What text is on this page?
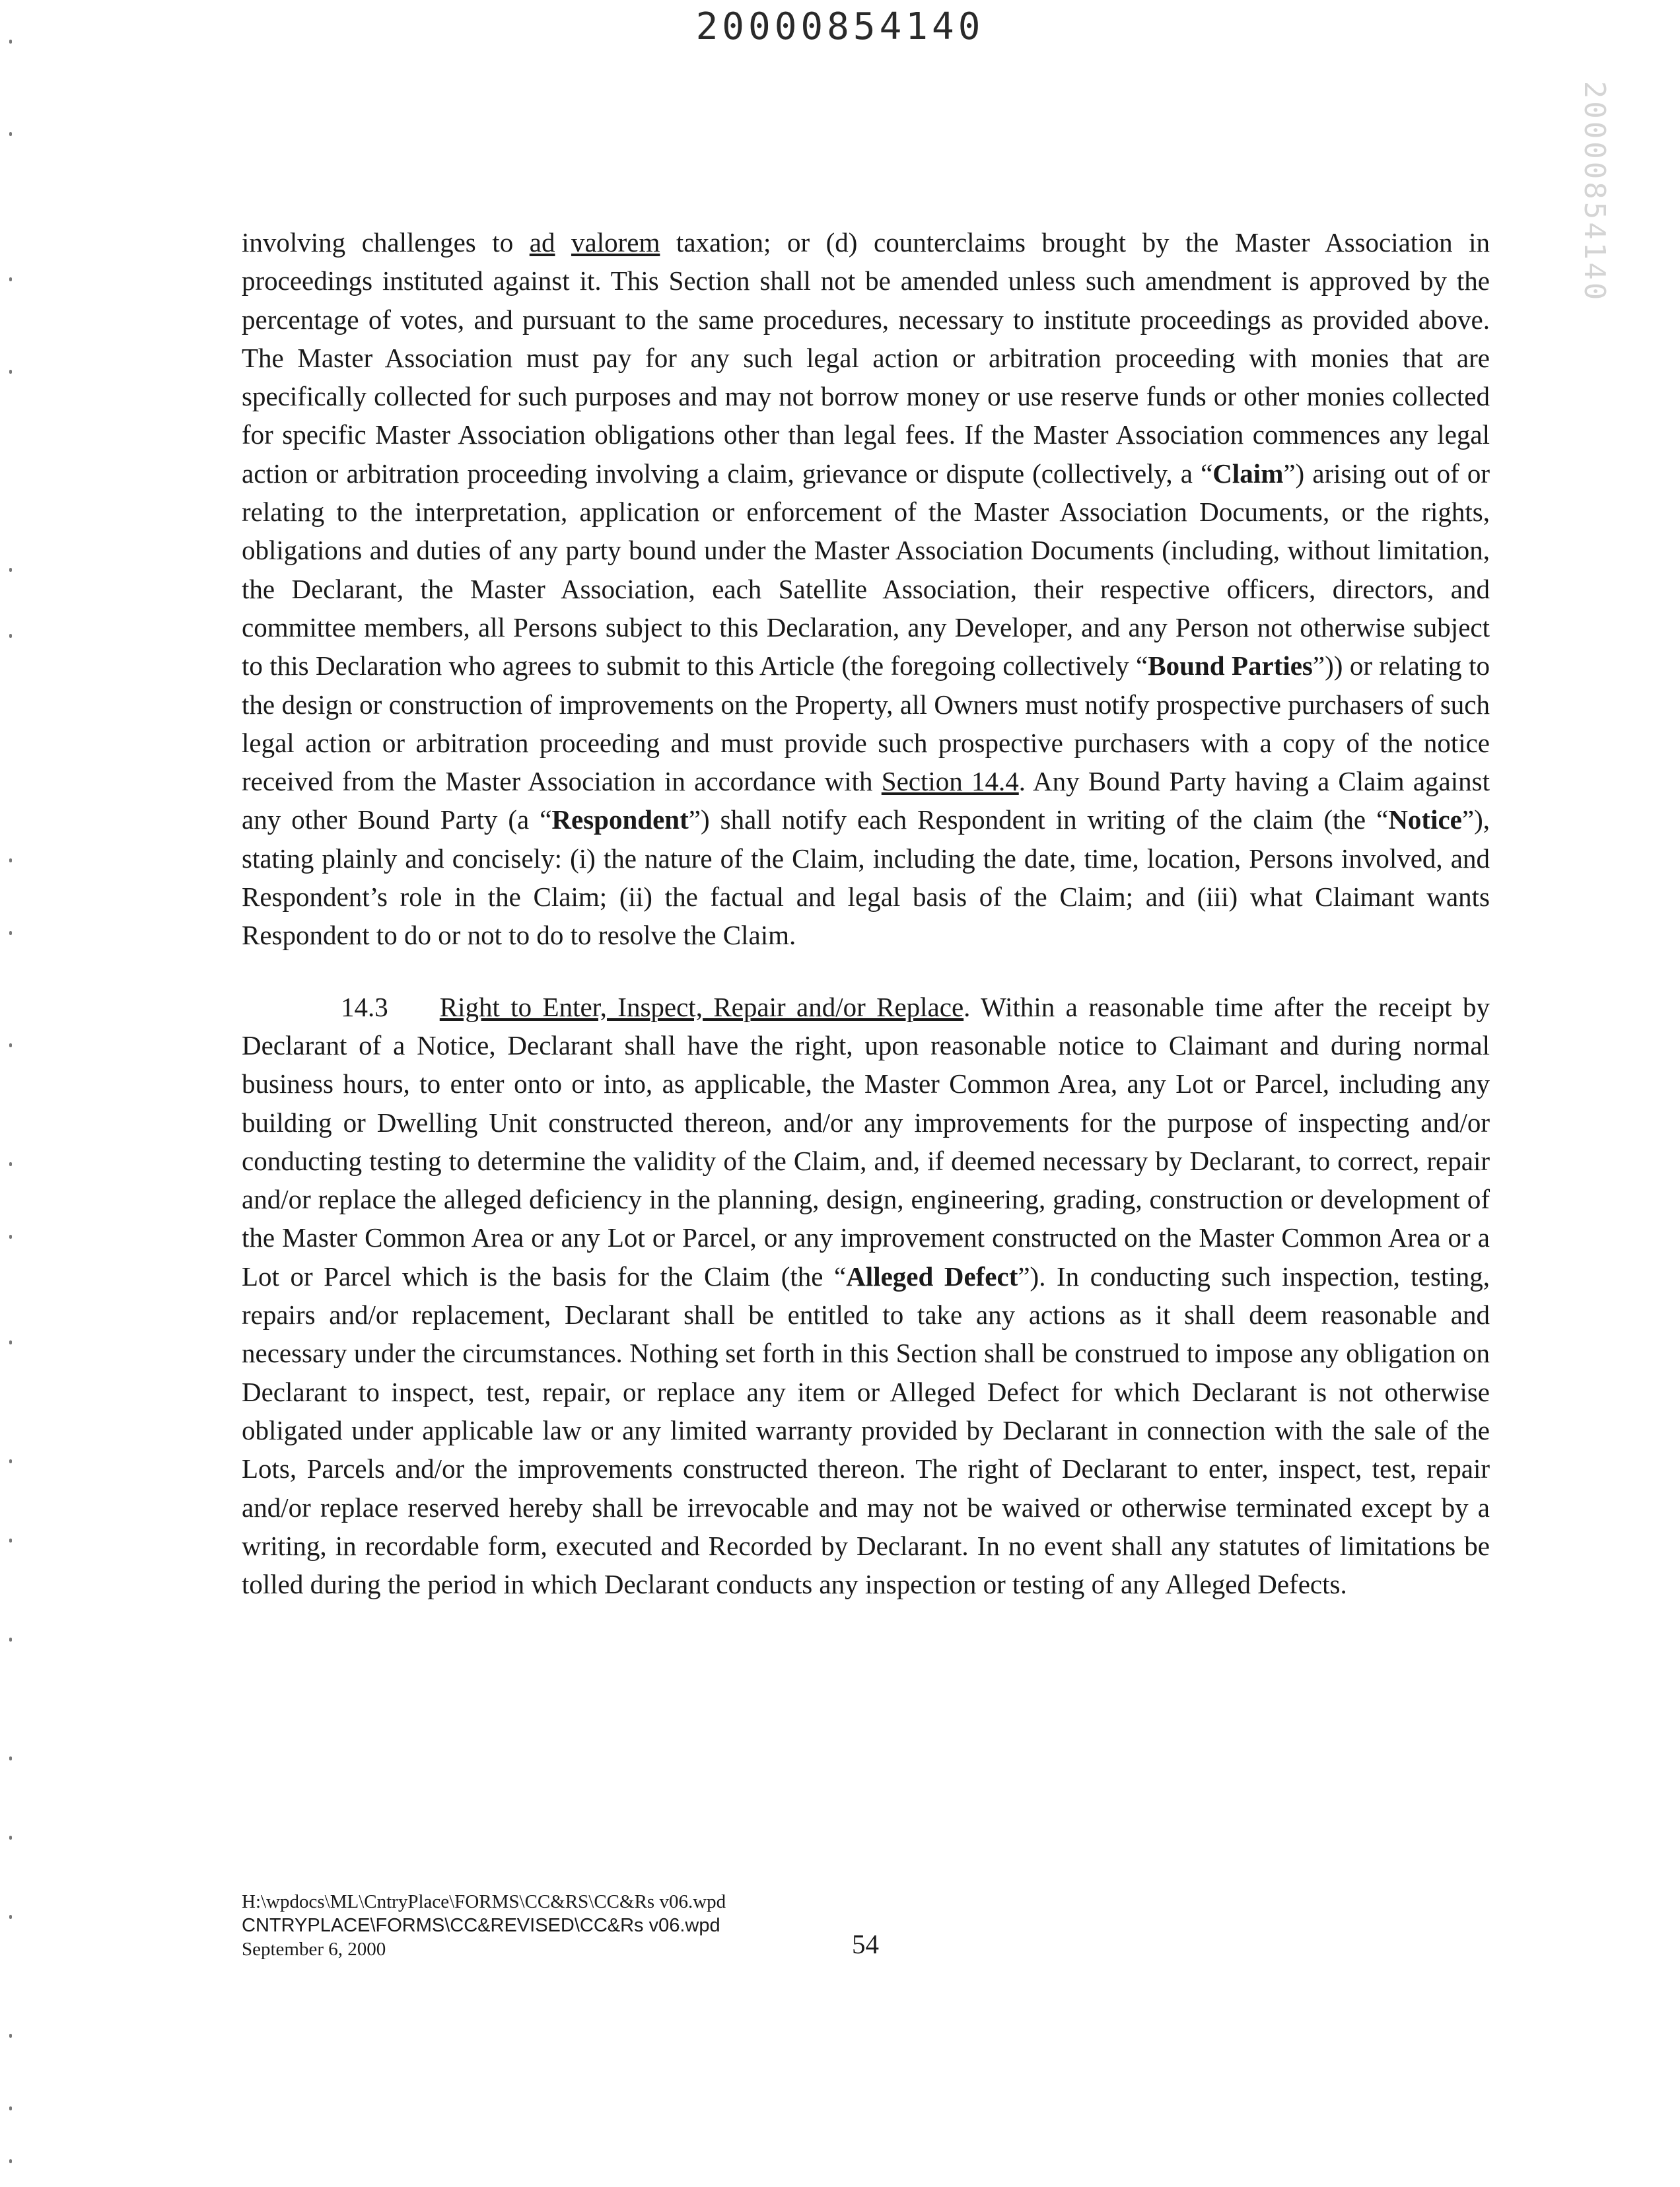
20000854140
20000854140

involving challenges to ad valorem taxation; or (d) counterclaims brought by the Master Association in proceedings instituted against it. This Section shall not be amended unless such amendment is approved by the percentage of votes, and pursuant to the same procedures, necessary to institute proceedings as provided above. The Master Association must pay for any such legal action or arbitration proceeding with monies that are specifically collected for such purposes and may not borrow money or use reserve funds or other monies collected for specific Master Association obligations other than legal fees. If the Master Association commences any legal action or arbitration proceeding involving a claim, grievance or dispute (collectively, a “Claim”) arising out of or relating to the interpretation, application or enforcement of the Master Association Documents, or the rights, obligations and duties of any party bound under the Master Association Documents (including, without limitation, the Declarant, the Master Association, each Satellite Association, their respective officers, directors, and committee members, all Persons subject to this Declaration, any Developer, and any Person not otherwise subject to this Declaration who agrees to submit to this Article (the foregoing collectively “Bound Parties”)) or relating to the design or construction of improvements on the Property, all Owners must notify prospective purchasers of such legal action or arbitration proceeding and must provide such prospective purchasers with a copy of the notice received from the Master Association in accordance with Section 14.4. Any Bound Party having a Claim against any other Bound Party (a “Respondent”) shall notify each Respondent in writing of the claim (the “Notice”), stating plainly and concisely: (i) the nature of the Claim, including the date, time, location, Persons involved, and Respondent’s role in the Claim; (ii) the factual and legal basis of the Claim; and (iii) what Claimant wants Respondent to do or not to do to resolve the Claim.

14.3 Right to Enter, Inspect, Repair and/or Replace. Within a reasonable time after the receipt by Declarant of a Notice, Declarant shall have the right, upon reasonable notice to Claimant and during normal business hours, to enter onto or into, as applicable, the Master Common Area, any Lot or Parcel, including any building or Dwelling Unit constructed thereon, and/or any improvements for the purpose of inspecting and/or conducting testing to determine the validity of the Claim, and, if deemed necessary by Declarant, to correct, repair and/or replace the alleged deficiency in the planning, design, engineering, grading, construction or development of the Master Common Area or any Lot or Parcel, or any improvement constructed on the Master Common Area or a Lot or Parcel which is the basis for the Claim (the “Alleged Defect”). In conducting such inspection, testing, repairs and/or replacement, Declarant shall be entitled to take any actions as it shall deem reasonable and necessary under the circumstances. Nothing set forth in this Section shall be construed to impose any obligation on Declarant to inspect, test, repair, or replace any item or Alleged Defect for which Declarant is not otherwise obligated under applicable law or any limited warranty provided by Declarant in connection with the sale of the Lots, Parcels and/or the improvements constructed thereon. The right of Declarant to enter, inspect, test, repair and/or replace reserved hereby shall be irrevocable and may not be waived or otherwise terminated except by a writing, in recordable form, executed and Recorded by Declarant. In no event shall any statutes of limitations be tolled during the period in which Declarant conducts any inspection or testing of any Alleged Defects.

H:\wpdocs\ML\CntryPlace\FORMS\CC&RS\CC&Rs v06.wpd
CNTRYPLACE\FORMS\CC&REVISED\CC&Rs v06.wpd
September 6, 2000	54
